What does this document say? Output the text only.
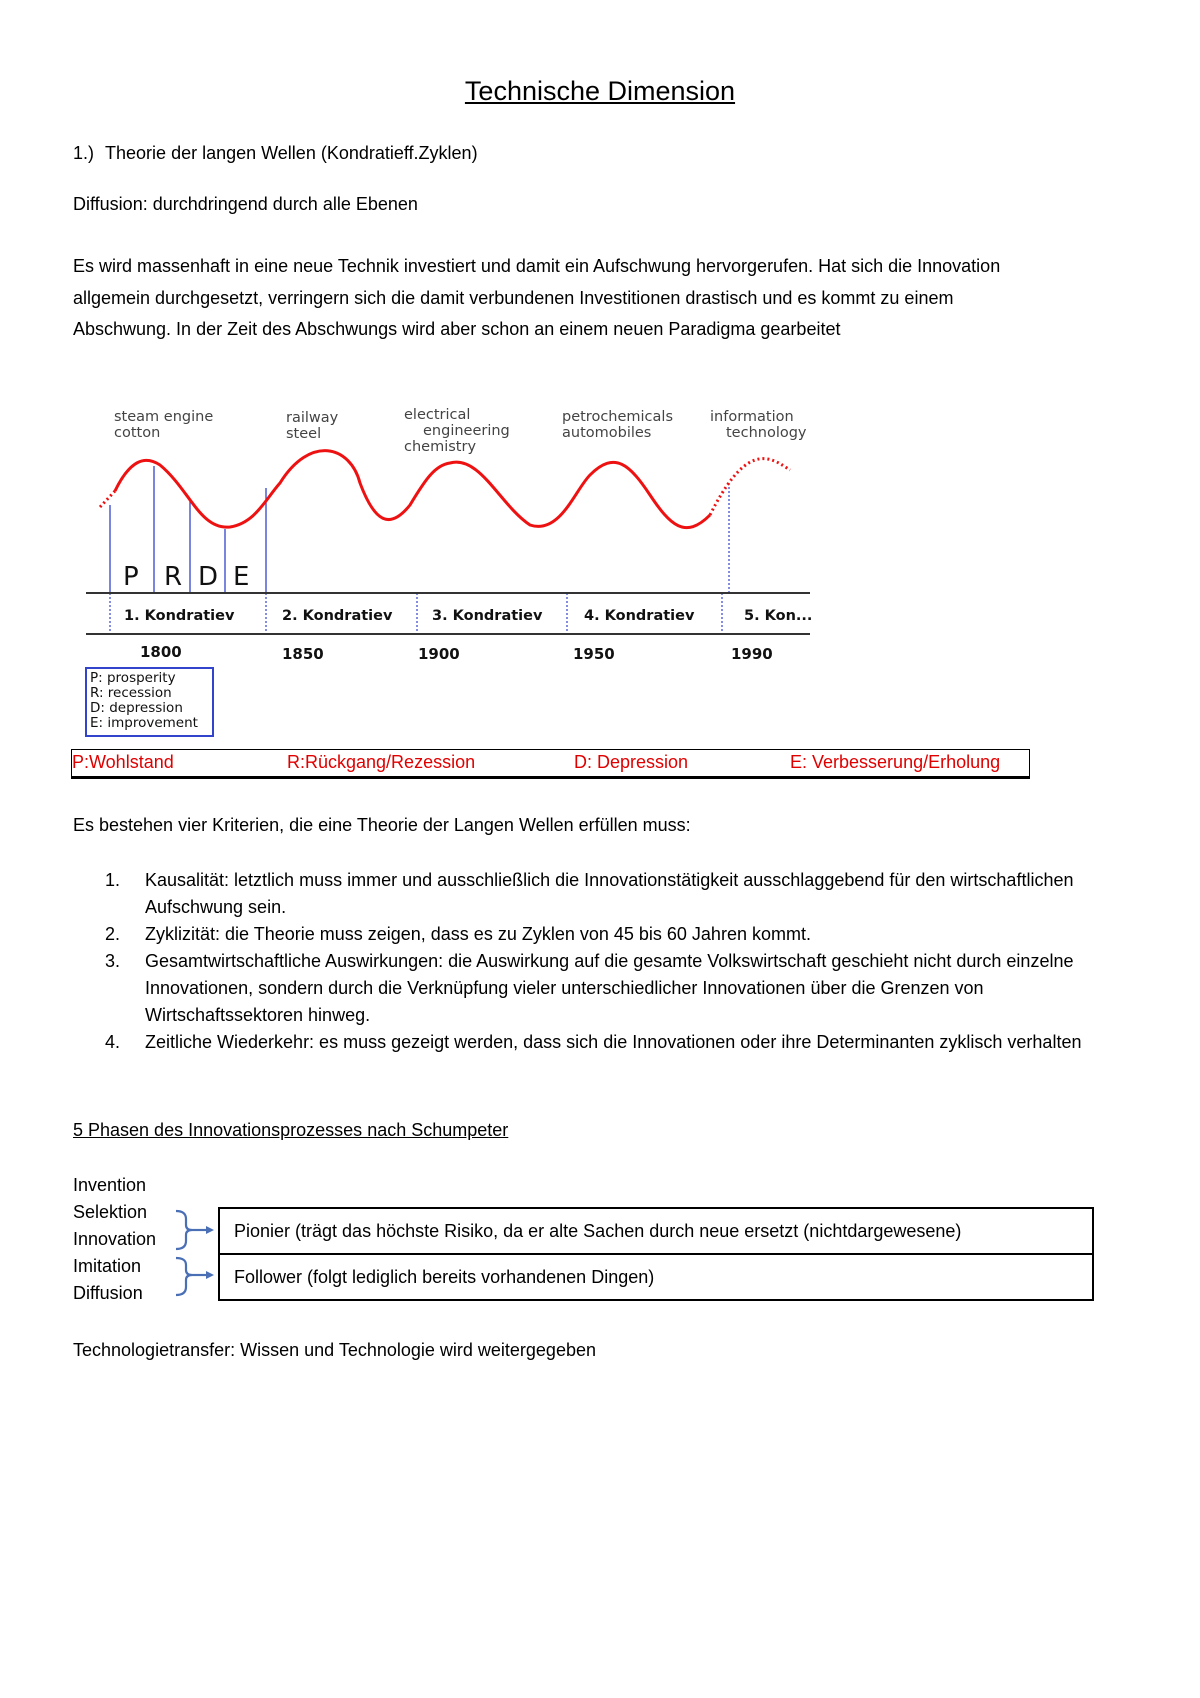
Technische Dimension
1.) Theorie der langen Wellen (Kondratieff.Zyklen)
Diffusion: durchdringend durch alle Ebenen
Es wird massenhaft in eine neue Technik investiert und damit ein Aufschwung hervorgerufen. Hat sich die Innovation
allgemein durchgesetzt, verringern sich die damit verbundenen Investitionen drastisch und es kommt zu einem
Abschwung. In der Zeit des Abschwungs wird aber schon an einem neuen Paradigma gearbeitet
steam engine
cotton
railway
steel
electrical
engineering
chemistry
petrochemicals
automobiles
information
technology
P R D E
1. Kondratiev	2. Kondratiev	3. Kondratiev	4. Kondratiev	5. Kon...
1800	1850	1900	1950	1990
P: prosperity
R: recession
D: depression
E: improvement
P:Wohlstand	R:Rückgang/Rezession	D: Depression	E: Verbesserung/Erholung
Es bestehen vier Kriterien, die eine Theorie der Langen Wellen erfüllen muss:
1. Kausalität: letztlich muss immer und ausschließlich die Innovationstätigkeit ausschlaggebend für den wirtschaftlichen Aufschwung sein.
2. Zyklizität: die Theorie muss zeigen, dass es zu Zyklen von 45 bis 60 Jahren kommt.
3. Gesamtwirtschaftliche Auswirkungen: die Auswirkung auf die gesamte Volkswirtschaft geschieht nicht durch einzelne Innovationen, sondern durch die Verknüpfung vieler unterschiedlicher Innovationen über die Grenzen von Wirtschaftssektoren hinweg.
4. Zeitliche Wiederkehr: es muss gezeigt werden, dass sich die Innovationen oder ihre Determinanten zyklisch verhalten
5 Phasen des Innovationsprozesses nach Schumpeter
Invention
Selektion
Innovation
Imitation
Diffusion
Pionier (trägt das höchste Risiko, da er alte Sachen durch neue ersetzt (nichtdargewesene)
Follower (folgt lediglich bereits vorhandenen Dingen)
Technologietransfer: Wissen und Technologie wird weitergegeben
